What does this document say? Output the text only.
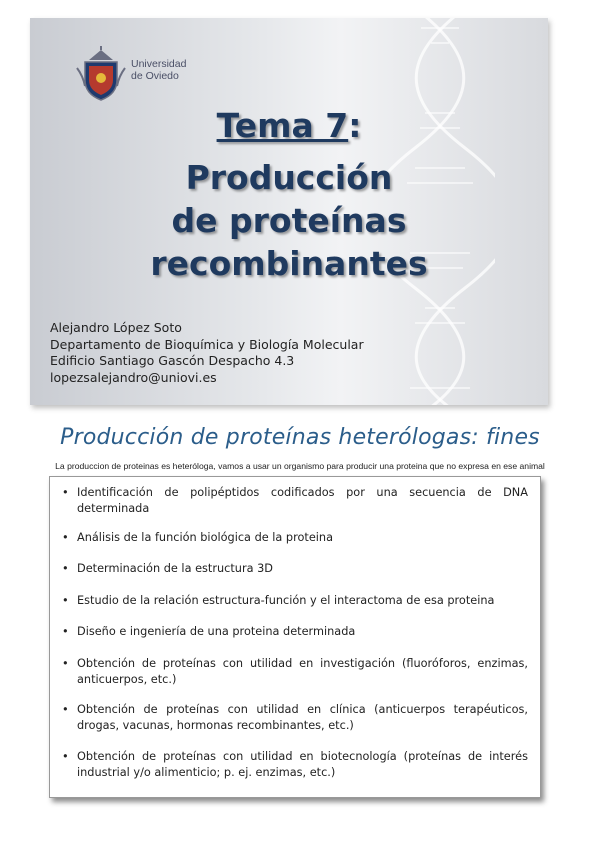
Universidad
de Oviedo
Tema 7:
Producción
de proteínas
recombinantes
Alejandro López Soto
Departamento de Bioquímica y Biología Molecular
Edificio Santiago Gascón Despacho 4.3
lopezsalejandro@uniovi.es
Producción de proteínas heterólogas: fines
La produccion de proteinas es heteróloga, vamos a usar un organismo para producir una proteina que no expresa en ese animal
• Identificación de polipéptidos codificados por una secuencia de DNA determinada
• Análisis de la función biológica de la proteina
• Determinación de la estructura 3D
• Estudio de la relación estructura-función y el interactoma de esa proteina
• Diseño e ingeniería de una proteina determinada
• Obtención de proteínas con utilidad en investigación (fluoróforos, enzimas, anticuerpos, etc.)
• Obtención de proteínas con utilidad en clínica (anticuerpos terapéuticos, drogas, vacunas, hormonas recombinantes, etc.)
• Obtención de proteínas con utilidad en biotecnología (proteínas de interés industrial y/o alimenticio; p. ej. enzimas, etc.)
